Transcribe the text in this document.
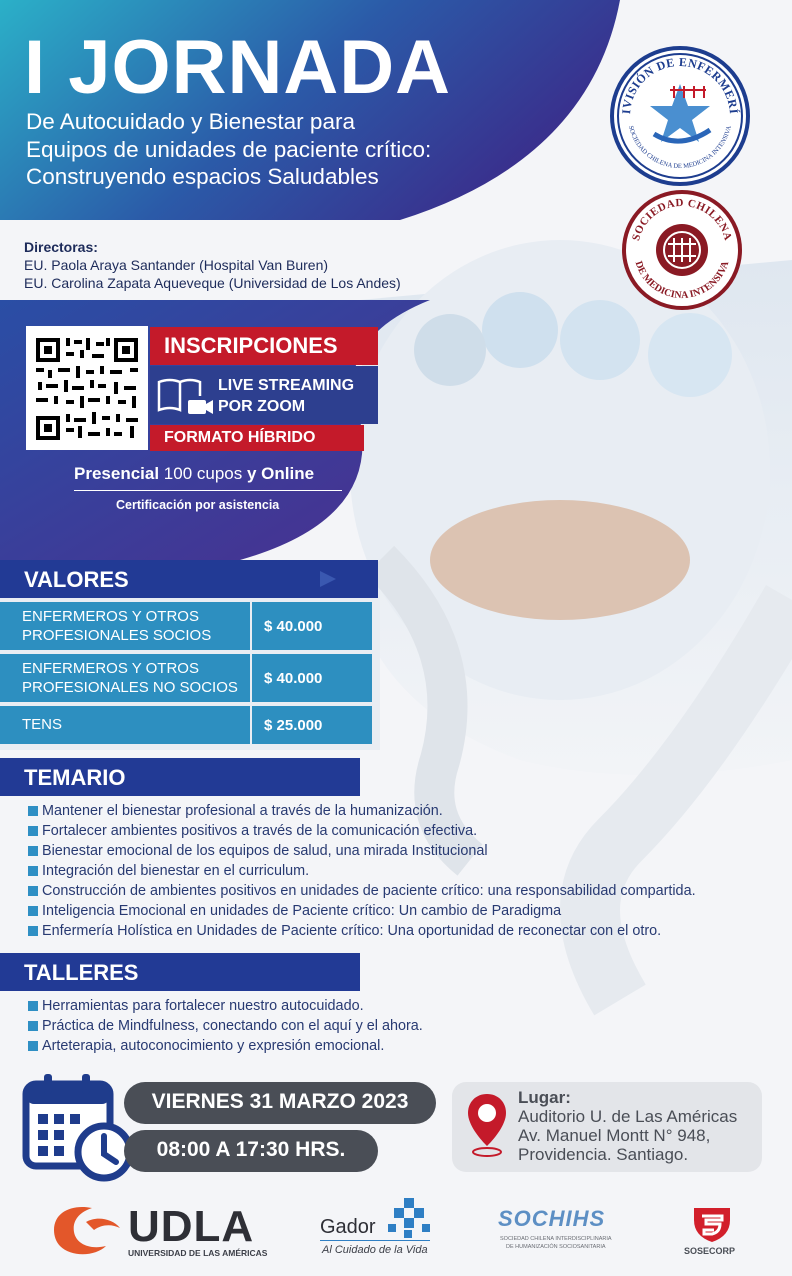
I JORNADA
De Autocuidado y Bienestar para
Equipos de unidades de paciente crítico:
Construyendo espacios Saludables
IVISIÓN DE ENFERMERÍ
SOCIEDAD CHILENA DE MEDICINA INTENSIVA
SOCIEDAD CHILENA
DE MEDICINA INTENSIVA
Directoras:
EU. Paola Araya Santander (Hospital Van Buren)
EU. Carolina Zapata Aqueveque (Universidad de Los Andes)
INSCRIPCIONES
LIVE STREAMING
POR ZOOM
FORMATO HÍBRIDO
Presencial 100 cupos y Online
Certificación por asistencia
VALORES
ENFERMEROS Y OTROS
PROFESIONALES SOCIOS
$ 40.000
ENFERMEROS Y OTROS
PROFESIONALES NO SOCIOS
$ 40.000
TENS	$ 25.000
TEMARIO
Mantener el bienestar profesional a través de la humanización.
Fortalecer ambientes positivos a través de la comunicación efectiva.
Bienestar emocional de los equipos de salud, una mirada Institucional
Integración del bienestar en el curriculum.
Construcción de ambientes positivos en unidades de paciente crítico: una responsabilidad compartida.
Inteligencia Emocional en unidades de Paciente crítico: Un cambio de Paradigma
Enfermería Holística en Unidades de Paciente crítico: Una oportunidad de reconectar con el otro.
TALLERES
Herramientas para fortalecer nuestro autocuidado.
Práctica de Mindfulness, conectando con el aquí y el ahora.
Arteterapia, autoconocimiento y expresión emocional.
VIERNES 31 MARZO 2023
08:00 A 17:30 HRS.
Lugar:
Auditorio U. de Las Américas
Av. Manuel Montt N° 948,
Providencia. Santiago.
UDLA
UNIVERSIDAD DE LAS AMÉRICAS
Gador
Al Cuidado de la Vida
SOCHIHS
SOCIEDAD CHILENA INTERDISCIPLINARIA
DE HUMANIZACIÓN SOCIOSANITARIA	SOSECORP
